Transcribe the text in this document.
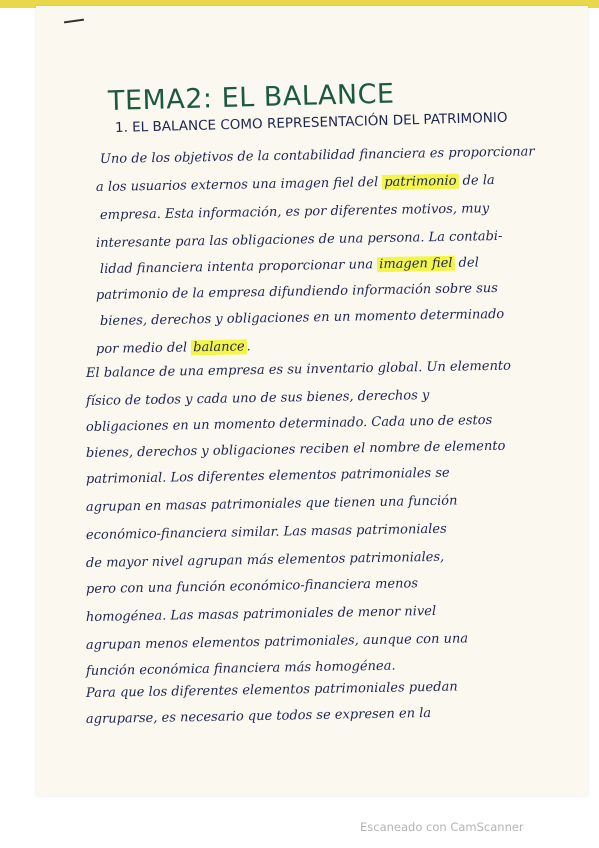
TEMA2: EL BALANCE
1. EL BALANCE COMO REPRESENTACIÓN DEL PATRIMONIO
Uno de los objetivos de la contabilidad financiera es proporcionar
a los usuarios externos una imagen fiel del patrimonio de la
empresa. Esta información, es por diferentes motivos, muy
interesante para las obligaciones de una persona. La contabi-
lidad financiera intenta proporcionar una imagen fiel del
patrimonio de la empresa difundiendo información sobre sus
bienes, derechos y obligaciones en un momento determinado
por medio del balance .
El balance de una empresa es su inventario global. Un elemento
físico de todos y cada uno de sus bienes, derechos y
obligaciones en un momento determinado. Cada uno de estos
bienes, derechos y obligaciones reciben el nombre de elemento
patrimonial. Los diferentes elementos patrimoniales se
agrupan en masas patrimoniales que tienen una función
económico-financiera similar. Las masas patrimoniales
de mayor nivel agrupan más elementos patrimoniales,
pero con una función económico-financiera menos
homogénea. Las masas patrimoniales de menor nivel
agrupan menos elementos patrimoniales, aunque con una
función económica financiera más homogénea.
Para que los diferentes elementos patrimoniales puedan
agruparse, es necesario que todos se expresen en la
Escaneado con CamScanner
